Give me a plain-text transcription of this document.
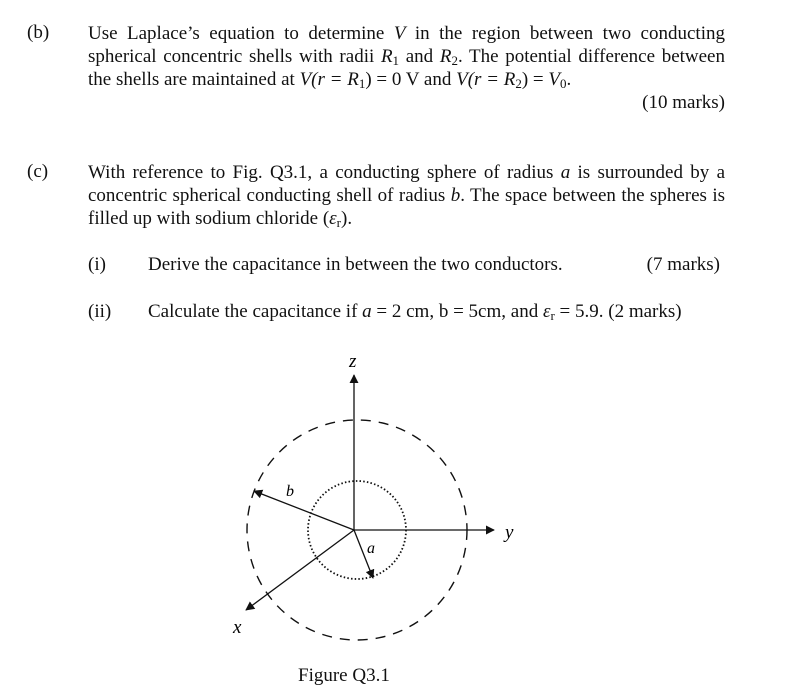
(b) Use Laplace’s equation to determine V in the region between two conducting spherical concentric shells with radii $R_1$ and $R_2$. The potential difference between the shells are maintained at $V(r = R_1) = 0$ V and $V(r = R_2) = V_0$.
(10 marks)
(c) With reference to Fig. Q3.1, a conducting sphere of radius a is surrounded by a concentric spherical conducting shell of radius b. The space between the spheres is filled up with sodium chloride $(\varepsilon_r)$.
(i) Derive the capacitance in between the two conductors.	(7 marks)
(ii) Calculate the capacitance if a = 2 cm, b = 5cm, and $\varepsilon_r = 5.9$. (2 marks)
z
y
x
b
a
Figure Q3.1
